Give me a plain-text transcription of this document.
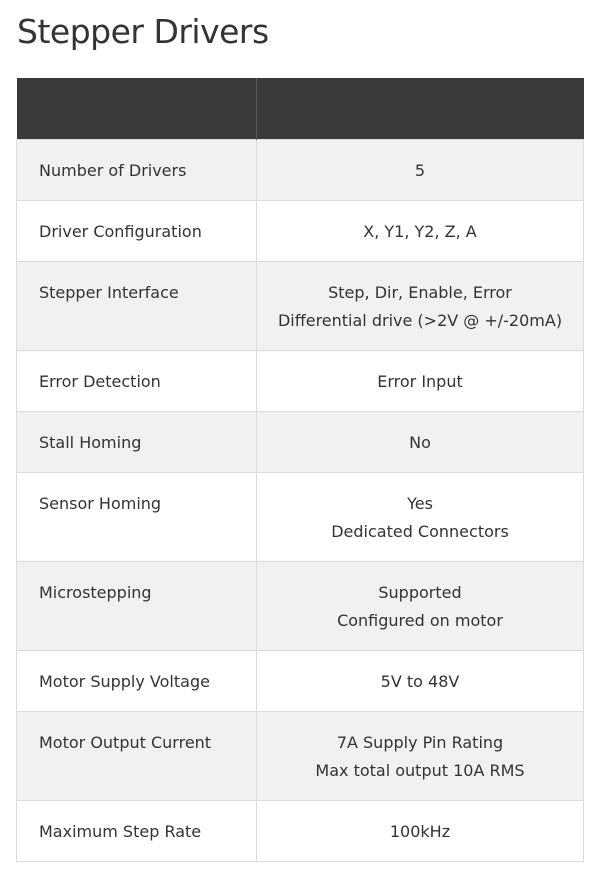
Stepper Drivers

Number of Drivers	5

Driver Configuration	X, Y1, Y2, Z, A

Stepper Interface	Step, Dir, Enable, Error
Differential drive (>2V @ +/-20mA)

Error Detection	Error Input

Stall Homing	No

Sensor Homing	Yes
Dedicated Connectors

Microstepping	Supported
Configured on motor

Motor Supply Voltage	5V to 48V

Motor Output Current	7A Supply Pin Rating
Max total output 10A RMS

Maximum Step Rate	100kHz
